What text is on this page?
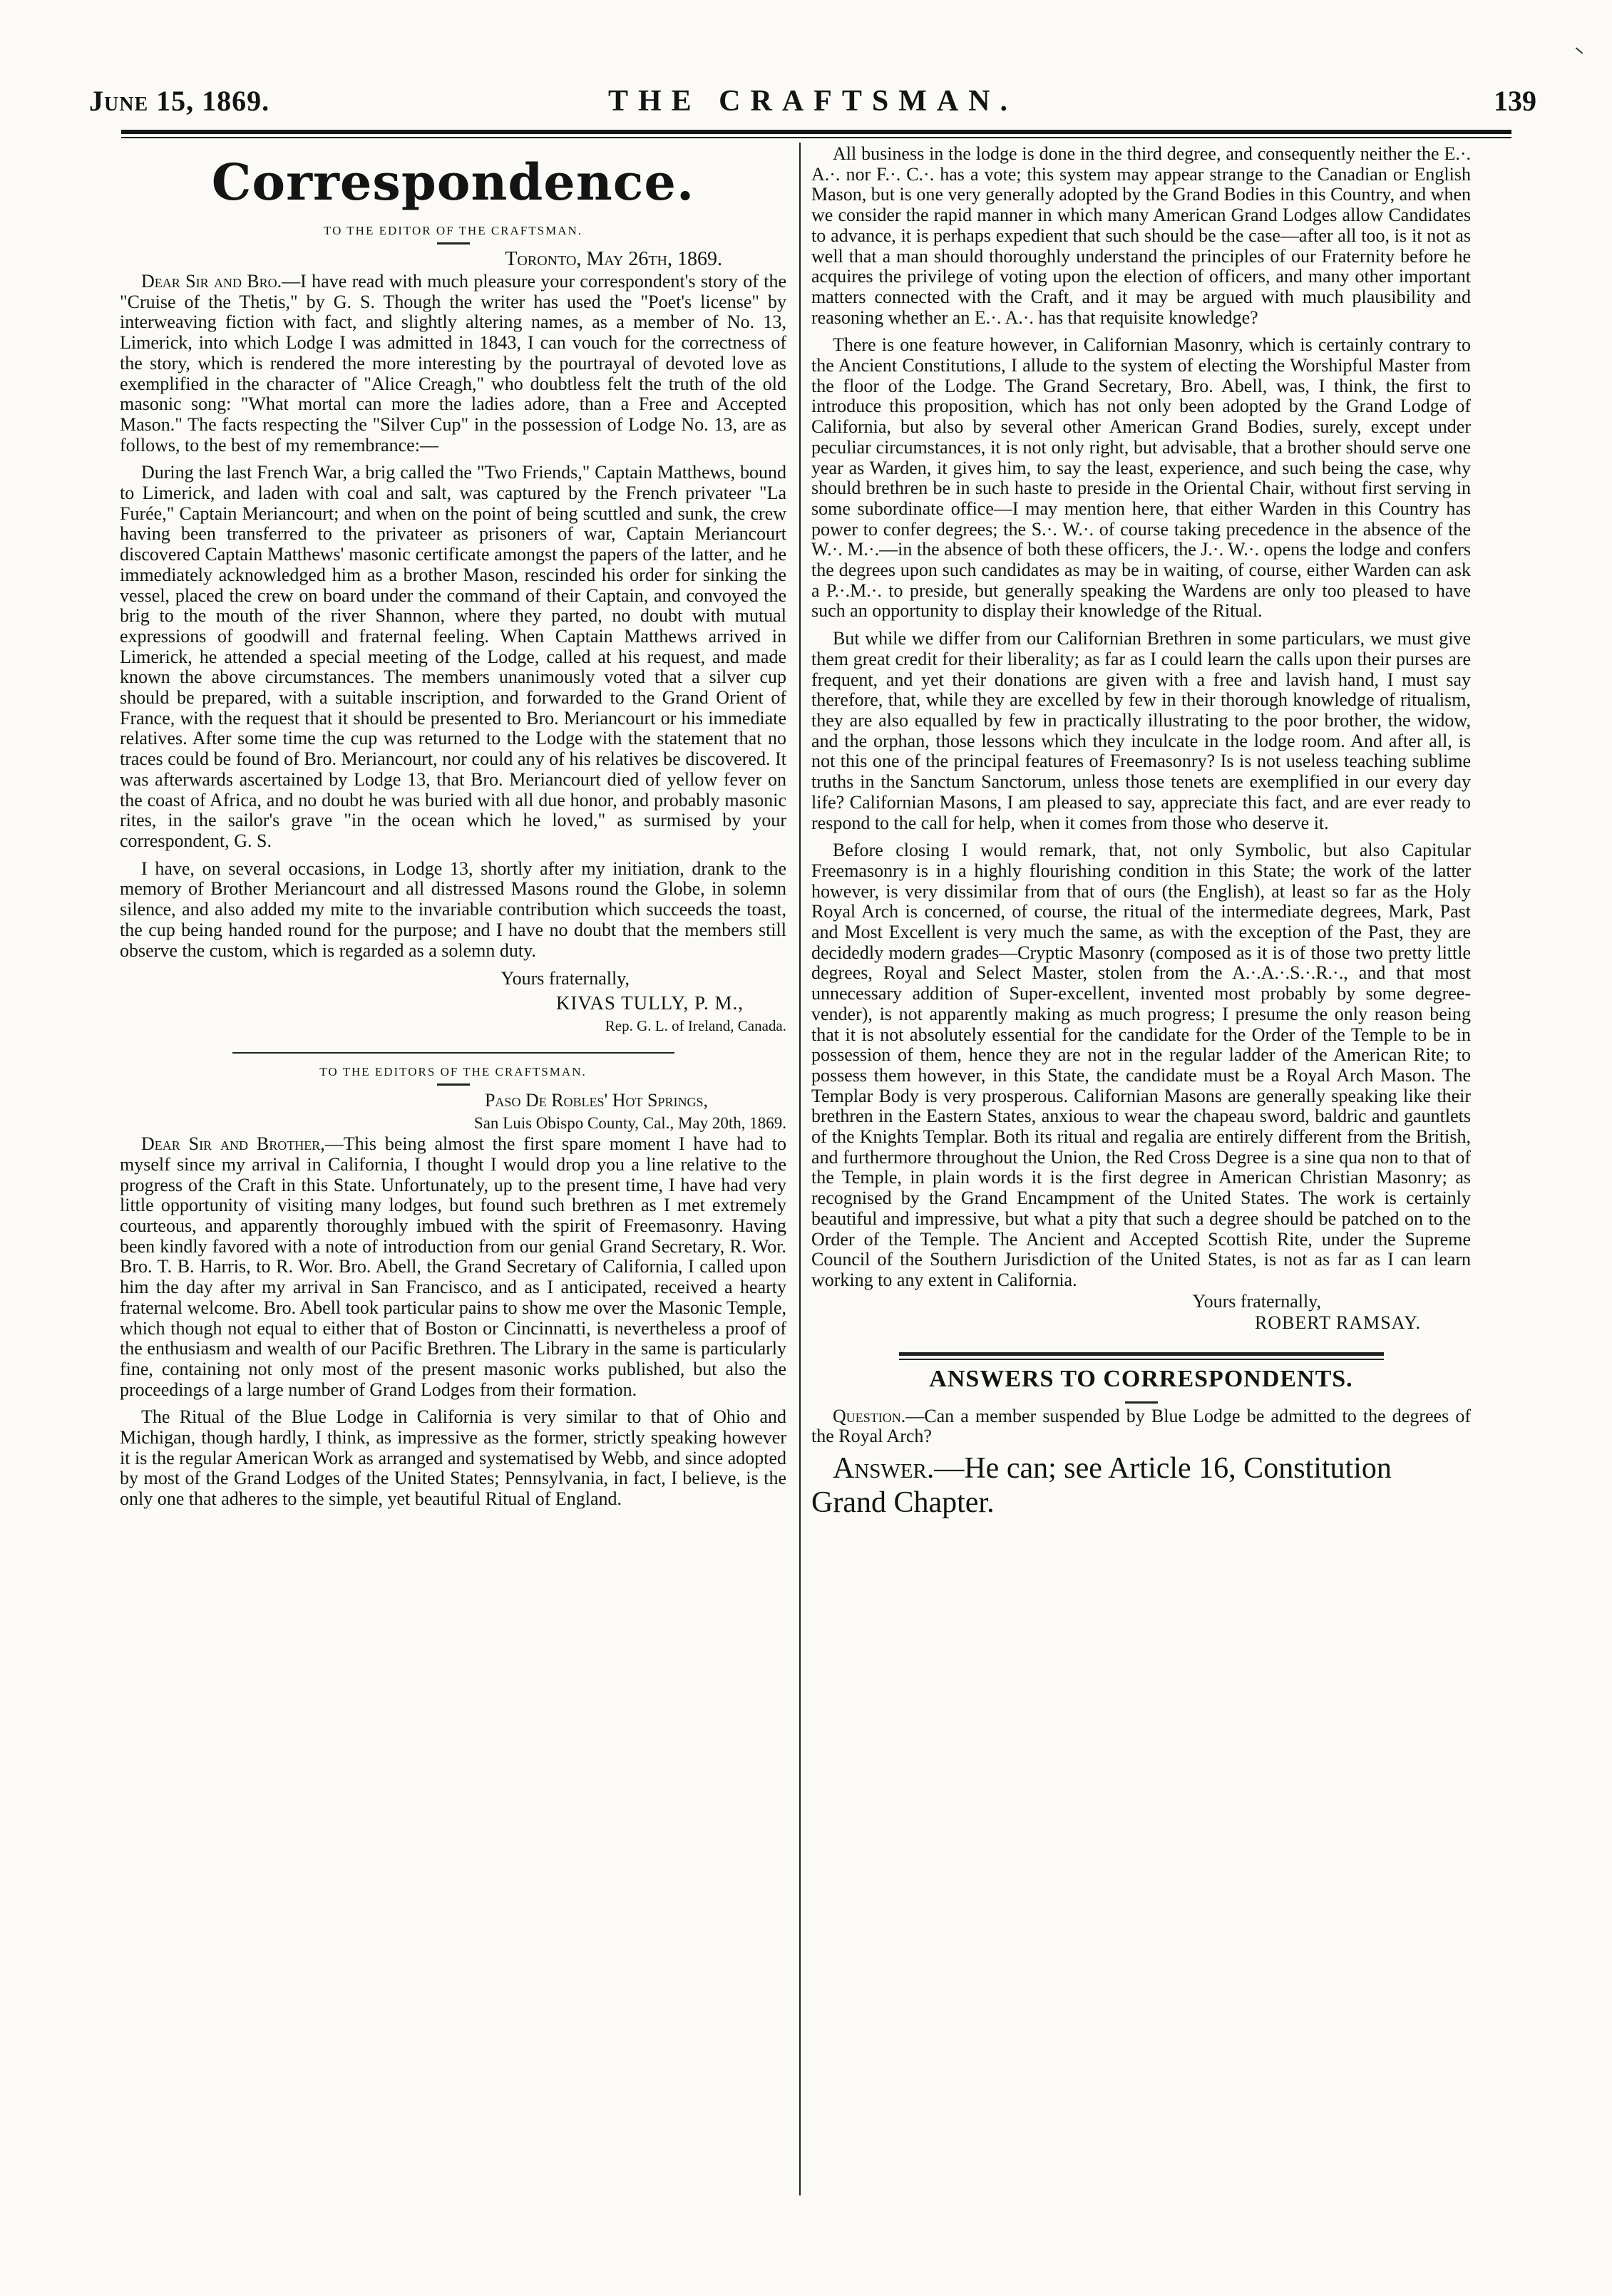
June 15, 1869.	THE CRAFTSMAN.	139
Correspondence.
TO THE EDITOR OF THE CRAFTSMAN.
Toronto, May 26th, 1869.

Dear Sir and Bro.—I have read with much pleasure your correspondent's story of the "Cruise of the Thetis," by G. S. Though the writer has used the "Poet's license" by interweaving fiction with fact, and slightly altering names, as a member of No. 13, Limerick, into which Lodge I was admitted in 1843, I can vouch for the correctness of the story, which is rendered the more interesting by the pourtrayal of devoted love as exemplified in the character of "Alice Creagh," who doubtless felt the truth of the old masonic song: "What mortal can more the ladies adore, than a Free and Accepted Mason." The facts respecting the "Silver Cup" in the possession of Lodge No. 13, are as follows, to the best of my remembrance:—

During the last French War, a brig called the "Two Friends," Captain Matthews, bound to Limerick, and laden with coal and salt, was captured by the French privateer "La Furée," Captain Meriancourt; and when on the point of being scuttled and sunk, the crew having been transferred to the privateer as prisoners of war, Captain Meriancourt discovered Captain Matthews' masonic certificate amongst the papers of the latter, and he immediately acknowledged him as a brother Mason, rescinded his order for sinking the vessel, placed the crew on board under the command of their Captain, and convoyed the brig to the mouth of the river Shannon, where they parted, no doubt with mutual expressions of goodwill and fraternal feeling. When Captain Matthews arrived in Limerick, he attended a special meeting of the Lodge, called at his request, and made known the above circumstances. The members unanimously voted that a silver cup should be prepared, with a suitable inscription, and forwarded to the Grand Orient of France, with the request that it should be presented to Bro. Meriancourt or his immediate relatives. After some time the cup was returned to the Lodge with the statement that no traces could be found of Bro. Meriancourt, nor could any of his relatives be discovered. It was afterwards ascertained by Lodge 13, that Bro. Meriancourt died of yellow fever on the coast of Africa, and no doubt he was buried with all due honor, and probably masonic rites, in the sailor's grave "in the ocean which he loved," as surmised by your correspondent, G. S.

I have, on several occasions, in Lodge 13, shortly after my initiation, drank to the memory of Brother Meriancourt and all distressed Masons round the Globe, in solemn silence, and also added my mite to the invariable contribution which succeeds the toast, the cup being handed round for the purpose; and I have no doubt that the members still observe the custom, which is regarded as a solemn duty.

Yours fraternally,
KIVAS TULLY, P. M.,
Rep. G. L. of Ireland, Canada.
TO THE EDITORS OF THE CRAFTSMAN.
Paso De Robles' Hot Springs,
San Luis Obispo County, Cal., May 20th, 1869.

Dear Sir and Brother,—This being almost the first spare moment I have had to myself since my arrival in California, I thought I would drop you a line relative to the progress of the Craft in this State. Unfortunately, up to the present time, I have had very little opportunity of visiting many lodges, but found such brethren as I met extremely courteous, and apparently thoroughly imbued with the spirit of Freemasonry. Having been kindly favored with a note of introduction from our genial Grand Secretary, R. Wor. Bro. T. B. Harris, to R. Wor. Bro. Abell, the Grand Secretary of California, I called upon him the day after my arrival in San Francisco, and as I anticipated, received a hearty fraternal welcome. Bro. Abell took particular pains to show me over the Masonic Temple, which though not equal to either that of Boston or Cincinnatti, is nevertheless a proof of the enthusiasm and wealth of our Pacific Brethren. The Library in the same is particularly fine, containing not only most of the present masonic works published, but also the proceedings of a large number of Grand Lodges from their formation.

The Ritual of the Blue Lodge in California is very similar to that of Ohio and Michigan, though hardly, I think, as impressive as the former, strictly speaking however it is the regular American Work as arranged and systematised by Webb, and since adopted by most of the Grand Lodges of the United States; Pennsylvania, in fact, I believe, is the only one that adheres to the simple, yet beautiful Ritual of England.

All business in the lodge is done in the third degree, and consequently neither the E.·. A.·. nor F.·. C.·. has a vote; this system may appear strange to the Canadian or English Mason, but is one very generally adopted by the Grand Bodies in this Country, and when we consider the rapid manner in which many American Grand Lodges allow Candidates to advance, it is perhaps expedient that such should be the case—after all too, is it not as well that a man should thoroughly understand the principles of our Fraternity before he acquires the privilege of voting upon the election of officers, and many other important matters connected with the Craft, and it may be argued with much plausibility and reasoning whether an E.·. A.·. has that requisite knowledge?

There is one feature however, in Californian Masonry, which is certainly contrary to the Ancient Constitutions, I allude to the system of electing the Worshipful Master from the floor of the Lodge. The Grand Secretary, Bro. Abell, was, I think, the first to introduce this proposition, which has not only been adopted by the Grand Lodge of California, but also by several other American Grand Bodies, surely, except under peculiar circumstances, it is not only right, but advisable, that a brother should serve one year as Warden, it gives him, to say the least, experience, and such being the case, why should brethren be in such haste to preside in the Oriental Chair, without first serving in some subordinate office—I may mention here, that either Warden in this Country has power to confer degrees; the S.·. W.·. of course taking precedence in the absence of the W.·. M.·.—in the absence of both these officers, the J.·. W.·. opens the lodge and confers the degrees upon such candidates as may be in waiting, of course, either Warden can ask a P.·.M.·. to preside, but generally speaking the Wardens are only too pleased to have such an opportunity to display their knowledge of the Ritual.

But while we differ from our Californian Brethren in some particulars, we must give them great credit for their liberality; as far as I could learn the calls upon their purses are frequent, and yet their donations are given with a free and lavish hand, I must say therefore, that, while they are excelled by few in their thorough knowledge of ritualism, they are also equalled by few in practically illustrating to the poor brother, the widow, and the orphan, those lessons which they inculcate in the lodge room. And after all, is not this one of the principal features of Freemasonry? Is is not useless teaching sublime truths in the Sanctum Sanctorum, unless those tenets are exemplified in our every day life? Californian Masons, I am pleased to say, appreciate this fact, and are ever ready to respond to the call for help, when it comes from those who deserve it.

Before closing I would remark, that, not only Symbolic, but also Capitular Freemasonry is in a highly flourishing condition in this State; the work of the latter however, is very dissimilar from that of ours (the English), at least so far as the Holy Royal Arch is concerned, of course, the ritual of the intermediate degrees, Mark, Past and Most Excellent is very much the same, as with the exception of the Past, they are decidedly modern grades—Cryptic Masonry (composed as it is of those two pretty little degrees, Royal and Select Master, stolen from the A.·.A.·.S.·.R.·., and that most unnecessary addition of Super-excellent, invented most probably by some degree-vender), is not apparently making as much progress; I presume the only reason being that it is not absolutely essential for the candidate for the Order of the Temple to be in possession of them, hence they are not in the regular ladder of the American Rite; to possess them however, in this State, the candidate must be a Royal Arch Mason. The Templar Body is very prosperous. Californian Masons are generally speaking like their brethren in the Eastern States, anxious to wear the chapeau sword, baldric and gauntlets of the Knights Templar. Both its ritual and regalia are entirely different from the British, and furthermore throughout the Union, the Red Cross Degree is a sine qua non to that of the Temple, in plain words it is the first degree in American Christian Masonry; as recognised by the Grand Encampment of the United States. The work is certainly beautiful and impressive, but what a pity that such a degree should be patched on to the Order of the Temple. The Ancient and Accepted Scottish Rite, under the Supreme Council of the Southern Jurisdiction of the United States, is not as far as I can learn working to any extent in California.

Yours fraternally,
ROBERT RAMSAY.
ANSWERS TO CORRESPONDENTS.

Question.—Can a member suspended by Blue Lodge be admitted to the degrees of the Royal Arch?

Answer.—He can; see Article 16, Constitution Grand Chapter.
